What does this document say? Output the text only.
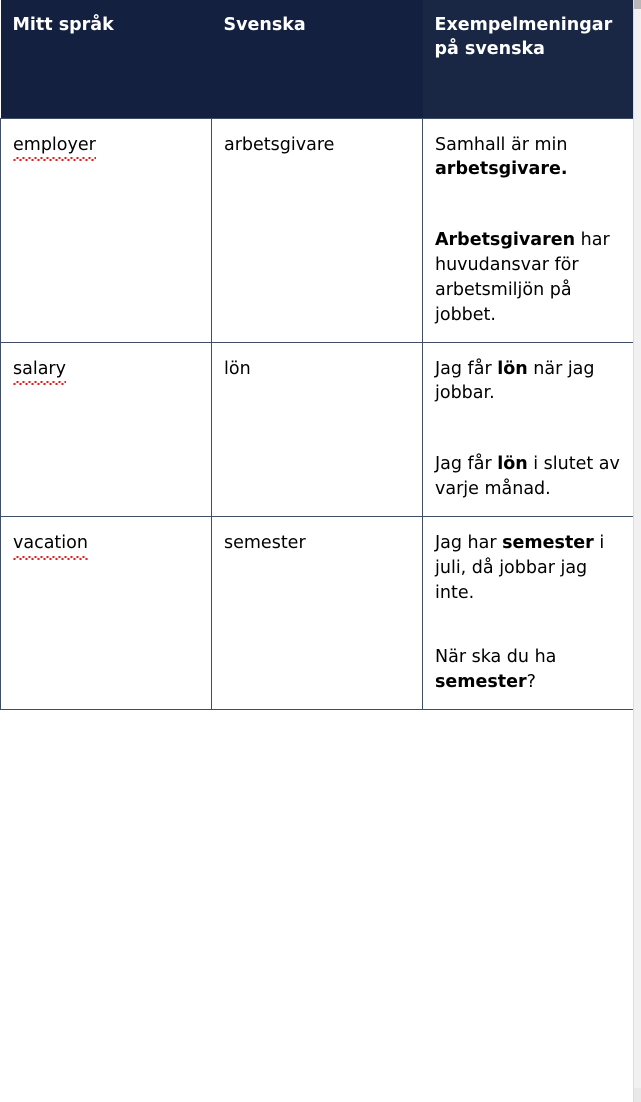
Mitt språk	Svenska	Exempelmeningar på svenska
employer	arbetsgivare	Samhall är min arbetsgivare.
Arbetsgivaren har huvudansvar för arbetsmiljön på jobbet.

salary	lön	Jag får lön när jag jobbar.
Jag får lön i slutet av varje månad.

vacation	semester	Jag har semester i juli, då jobbar jag inte.
När ska du ha semester?
